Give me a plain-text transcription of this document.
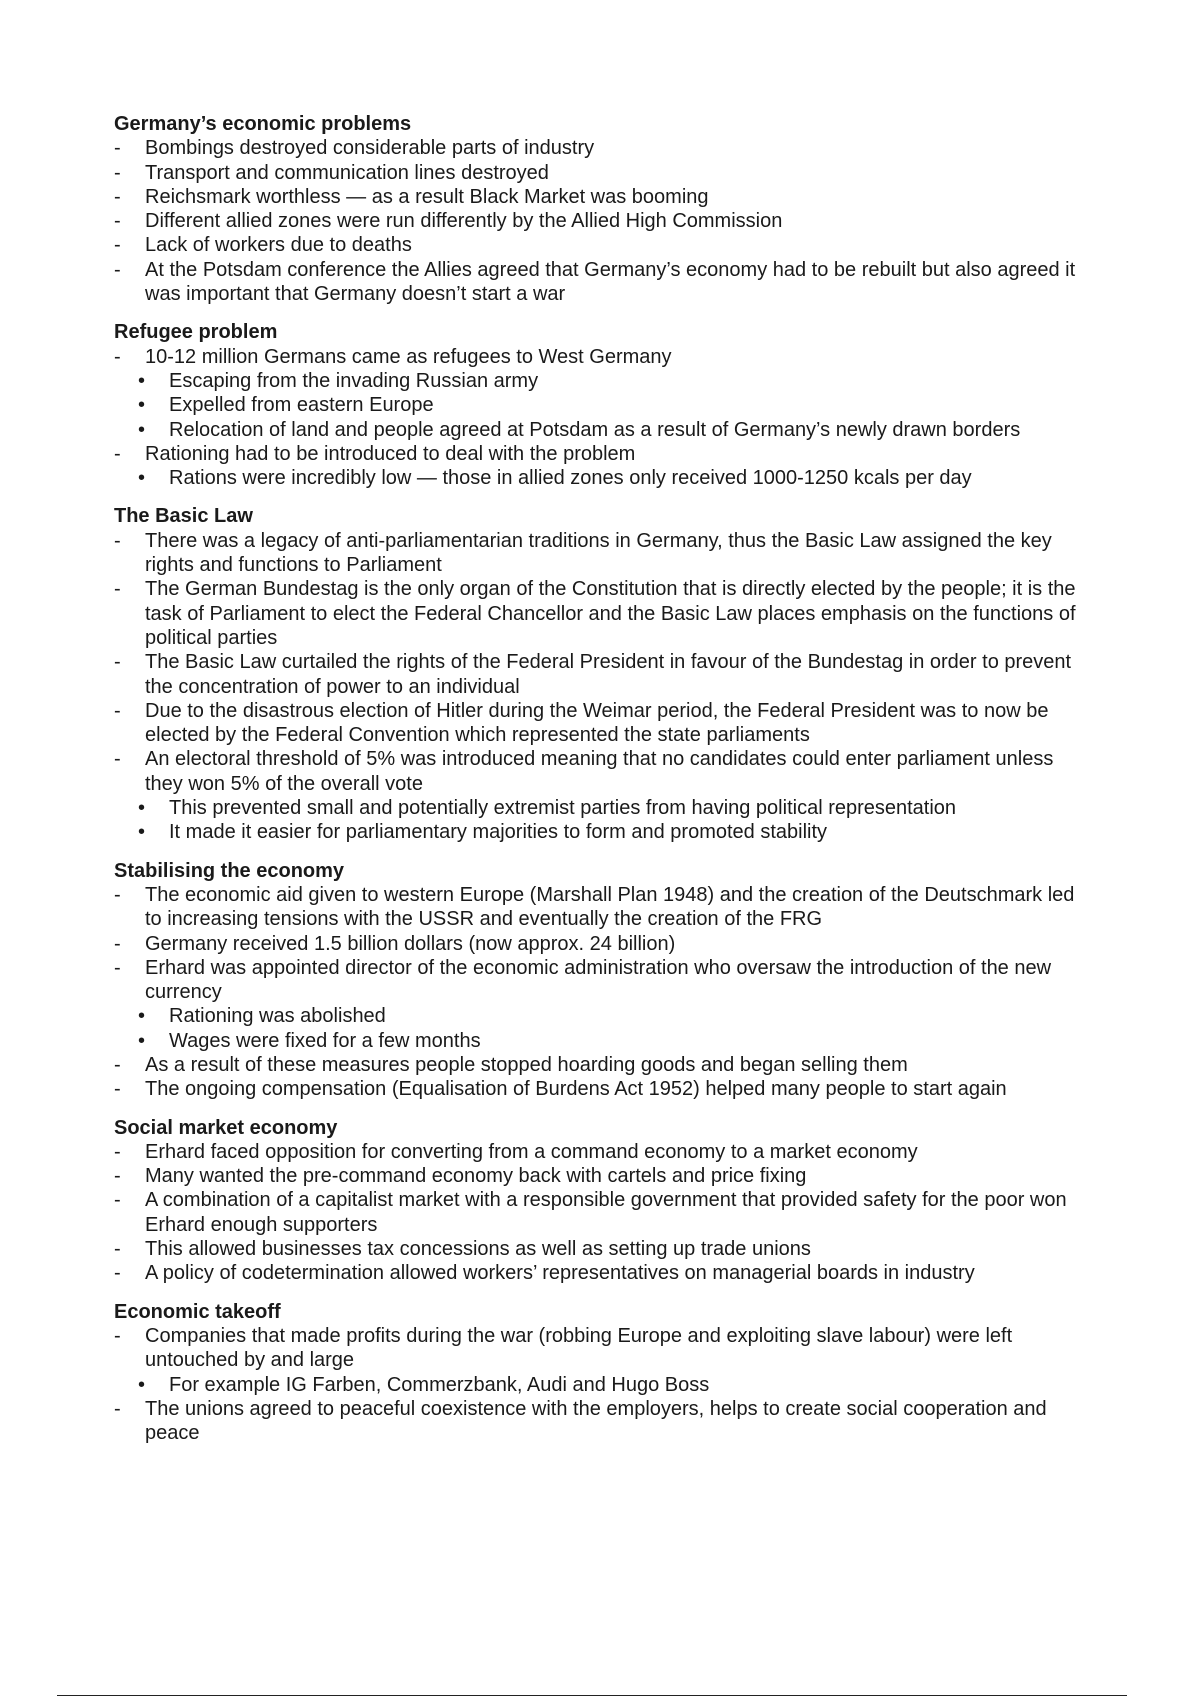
Germany’s economic problems
-	Bombings destroyed considerable parts of industry
-	Transport and communication lines destroyed
-	Reichsmark worthless — as a result Black Market was booming
-	Different allied zones were run differently by the Allied High Commission
-	Lack of workers due to deaths
-	At the Potsdam conference the Allies agreed that Germany’s economy had to be rebuilt but also agreed it was important that Germany doesn’t start a war
Refugee problem
-	10-12 million Germans came as refugees to West Germany
• Escaping from the invading Russian army
• Expelled from eastern Europe
• Relocation of land and people agreed at Potsdam as a result of Germany’s newly drawn borders
-	Rationing had to be introduced to deal with the problem
• Rations were incredibly low — those in allied zones only received 1000-1250 kcals per day
The Basic Law
-	There was a legacy of anti-parliamentarian traditions in Germany, thus the Basic Law assigned the key rights and functions to Parliament
-	The German Bundestag is the only organ of the Constitution that is directly elected by the people; it is the task of Parliament to elect the Federal Chancellor and the Basic Law places emphasis on the functions of political parties
-	The Basic Law curtailed the rights of the Federal President in favour of the Bundestag in order to prevent the concentration of power to an individual
-	Due to the disastrous election of Hitler during the Weimar period, the Federal President was to now be elected by the Federal Convention which represented the state parliaments
-	An electoral threshold of 5% was introduced meaning that no candidates could enter parliament unless they won 5% of the overall vote
• This prevented small and potentially extremist parties from having political representation
• It made it easier for parliamentary majorities to form and promoted stability
Stabilising the economy
-	The economic aid given to western Europe (Marshall Plan 1948) and the creation of the Deutschmark led to increasing tensions with the USSR and eventually the creation of the FRG
-	Germany received 1.5 billion dollars (now approx. 24 billion)
-	Erhard was appointed director of the economic administration who oversaw the introduction of the new currency
• Rationing was abolished
• Wages were fixed for a few months
-	As a result of these measures people stopped hoarding goods and began selling them
-	The ongoing compensation (Equalisation of Burdens Act 1952) helped many people to start again
Social market economy
-	Erhard faced opposition for converting from a command economy to a market economy
-	Many wanted the pre-command economy back with cartels and price fixing
-	A combination of a capitalist market with a responsible government that provided safety for the poor won Erhard enough supporters
-	This allowed businesses tax concessions as well as setting up trade unions
-	A policy of codetermination allowed workers’ representatives on managerial boards in industry
Economic takeoff
-	Companies that made profits during the war (robbing Europe and exploiting slave labour) were left untouched by and large
• For example IG Farben, Commerzbank, Audi and Hugo Boss
-	The unions agreed to peaceful coexistence with the employers, helps to create social cooperation and peace
